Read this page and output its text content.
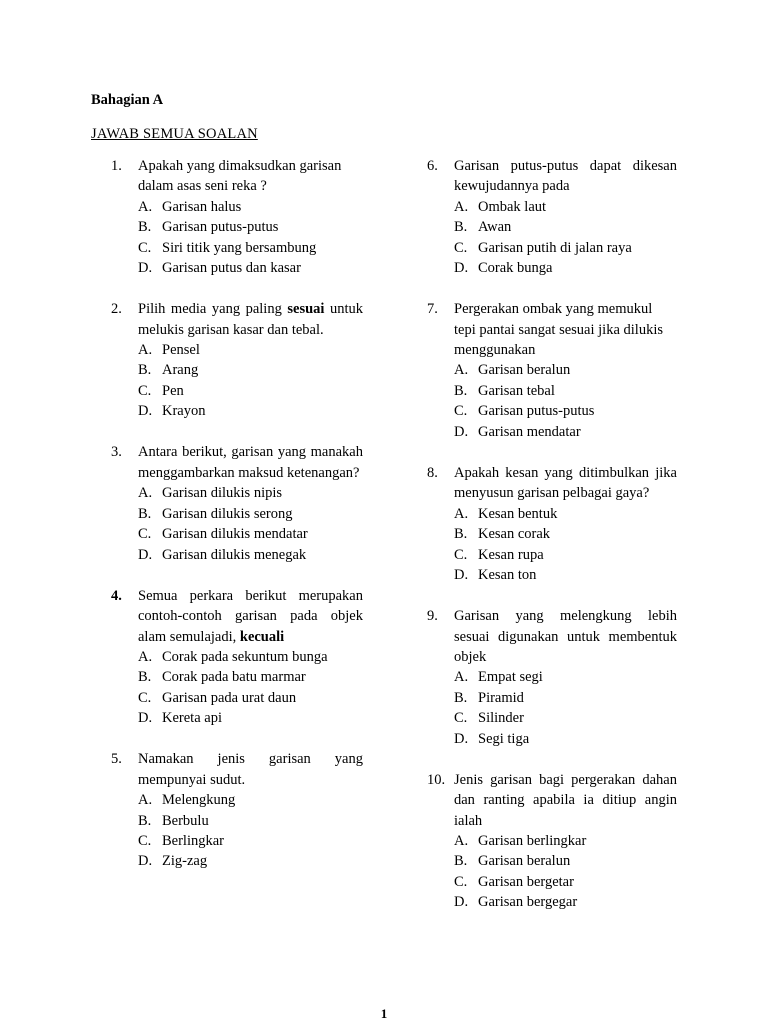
Bahagian A
JAWAB SEMUA SOALAN
1. Apakah yang dimaksudkan garisan dalam asas seni reka ?
A. Garisan halus
B. Garisan putus-putus
C. Siri titik yang bersambung
D. Garisan putus dan kasar
2. Pilih media yang paling sesuai untuk melukis garisan kasar dan tebal.
A. Pensel
B. Arang
C. Pen
D. Krayon
3. Antara berikut, garisan yang manakah menggambarkan maksud ketenangan?
A. Garisan dilukis nipis
B. Garisan dilukis serong
C. Garisan dilukis mendatar
D. Garisan dilukis menegak
4. Semua perkara berikut merupakan contoh-contoh garisan pada objek alam semulajadi, kecuali
A. Corak pada sekuntum bunga
B. Corak pada batu marmar
C. Garisan pada urat daun
D. Kereta api
5. Namakan jenis garisan yang mempunyai sudut.
A. Melengkung
B. Berbulu
C. Berlingkar
D. Zig-zag
6. Garisan putus-putus dapat dikesan kewujudannya pada
A. Ombak laut
B. Awan
C. Garisan putih di jalan raya
D. Corak bunga
7. Pergerakan ombak yang memukul tepi pantai sangat sesuai jika dilukis menggunakan
A. Garisan beralun
B. Garisan tebal
C. Garisan putus-putus
D. Garisan mendatar
8. Apakah kesan yang ditimbulkan jika menyusun garisan pelbagai gaya?
A. Kesan bentuk
B. Kesan corak
C. Kesan rupa
D. Kesan ton
9. Garisan yang melengkung lebih sesuai digunakan untuk membentuk objek
A. Empat segi
B. Piramid
C. Silinder
D. Segi tiga
10. Jenis garisan bagi pergerakan dahan dan ranting apabila ia ditiup angin ialah
A. Garisan berlingkar
B. Garisan beralun
C. Garisan bergetar
D. Garisan bergegar
1
